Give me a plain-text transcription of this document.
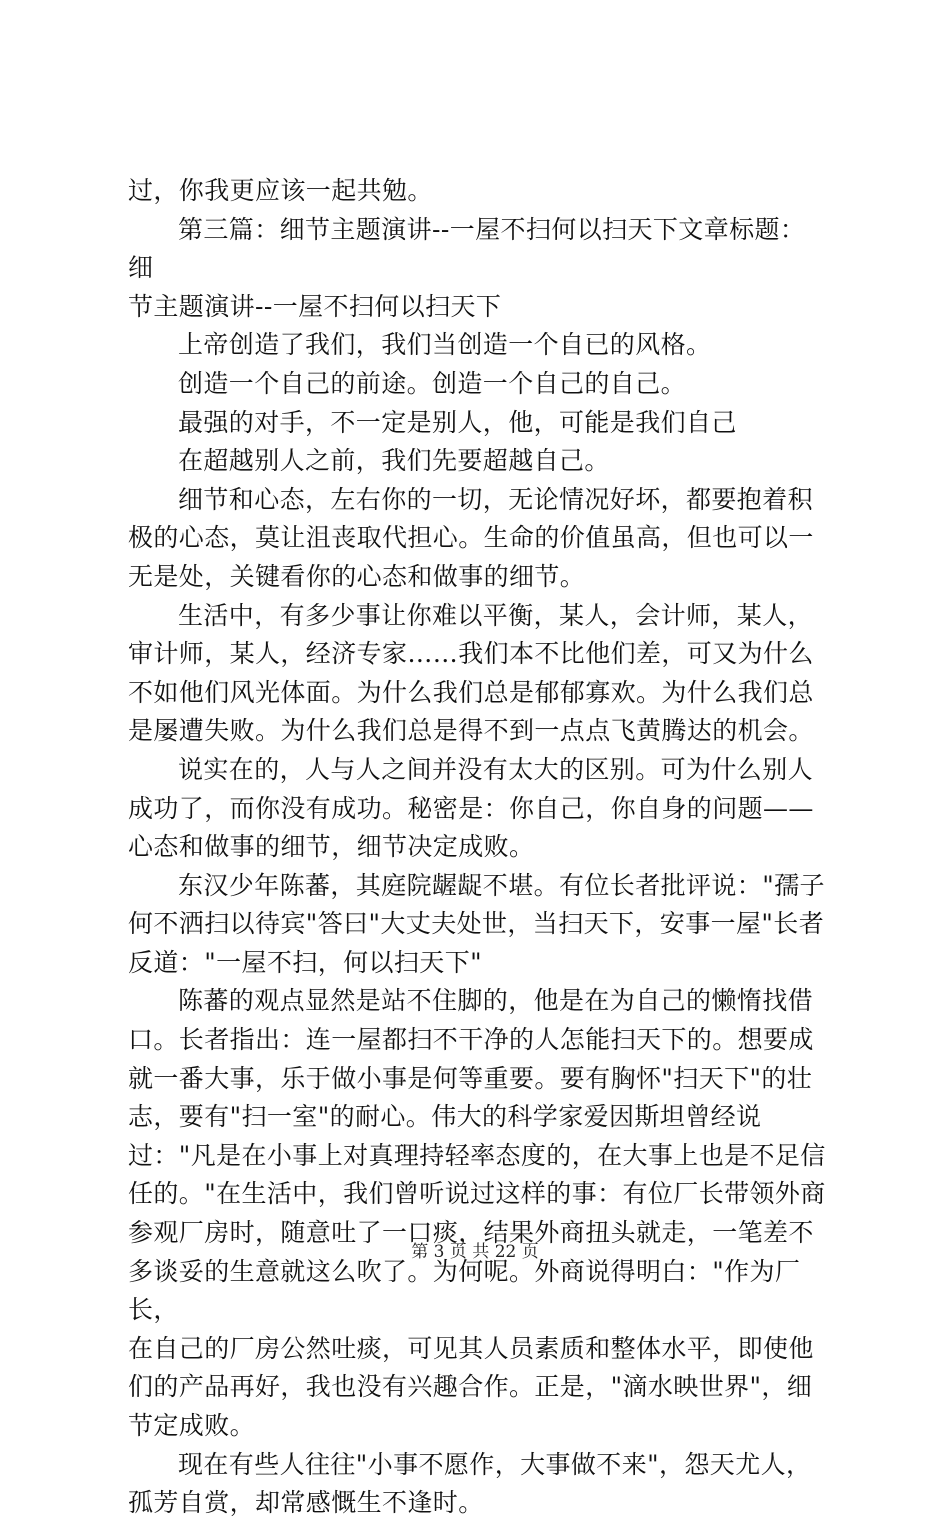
过，你我更应该一起共勉。

第三篇：细节主题演讲--一屋不扫何以扫天下文章标题：细
节主题演讲--一屋不扫何以扫天下

上帝创造了我们，我们当创造一个自已的风格。

创造一个自己的前途。创造一个自己的自己。

最强的对手，不一定是别人，他，可能是我们自己

在超越别人之前，我们先要超越自己。

细节和心态，左右你的一切，无论情况好坏，都要抱着积
极的心态，莫让沮丧取代担心。生命的价值虽高，但也可以一
无是处，关键看你的心态和做事的细节。

生活中，有多少事让你难以平衡，某人，会计师，某人，
审计师，某人，经济专家……我们本不比他们差，可又为什么
不如他们风光体面。为什么我们总是郁郁寡欢。为什么我们总
是屡遭失败。为什么我们总是得不到一点点飞黄腾达的机会。

说实在的，人与人之间并没有太大的区别。可为什么别人
成功了，而你没有成功。秘密是：你自己，你自身的问题——
心态和做事的细节，细节决定成败。

东汉少年陈蕃，其庭院龌龊不堪。有位长者批评说："孺子
何不洒扫以待宾"答曰"大丈夫处世，当扫天下，安事一屋"长者
反道："一屋不扫，何以扫天下"

陈蕃的观点显然是站不住脚的，他是在为自己的懒惰找借
口。长者指出：连一屋都扫不干净的人怎能扫天下的。想要成
就一番大事，乐于做小事是何等重要。要有胸怀"扫天下"的壮
志，要有"扫一室"的耐心。伟大的科学家爱因斯坦曾经说
过："凡是在小事上对真理持轻率态度的，在大事上也是不足信
任的。"在生活中，我们曾听说过这样的事：有位厂长带领外商
参观厂房时，随意吐了一口痰，结果外商扭头就走，一笔差不
多谈妥的生意就这么吹了。为何呢。外商说得明白："作为厂长，
在自己的厂房公然吐痰，可见其人员素质和整体水平，即使他
们的产品再好，我也没有兴趣合作。正是，"滴水映世界"，细
节定成败。

现在有些人往往"小事不愿作，大事做不来"，怨天尤人，
孤芳自赏，却常感慨生不逢时。

第 3 页 共 22 页
